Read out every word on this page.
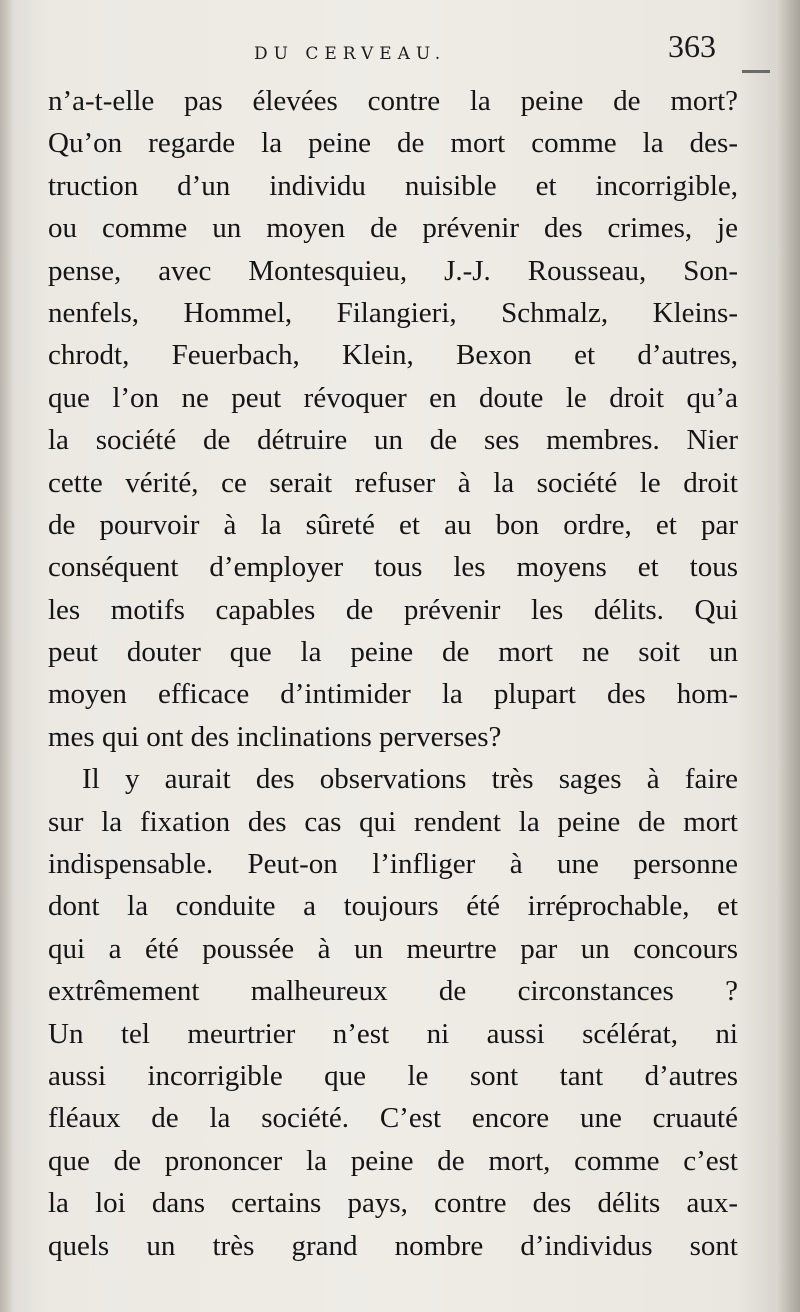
DU CERVEAU.	363
n’a-t-elle pas élevées contre la peine de mort?
Qu’on regarde la peine de mort comme la des-
truction d’un individu nuisible et incorrigible,
ou comme un moyen de prévenir des crimes, je
pense, avec Montesquieu, J.-J. Rousseau, Son-
nenfels, Hommel, Filangieri, Schmalz, Kleins-
chrodt, Feuerbach, Klein, Bexon et d’autres,
que l’on ne peut révoquer en doute le droit qu’a
la société de détruire un de ses membres. Nier
cette vérité, ce serait refuser à la société le droit
de pourvoir à la sûreté et au bon ordre, et par
conséquent d’employer tous les moyens et tous
les motifs capables de prévenir les délits. Qui
peut douter que la peine de mort ne soit un
moyen efficace d’intimider la plupart des hom-
mes qui ont des inclinations perverses?
Il y aurait des observations très sages à faire
sur la fixation des cas qui rendent la peine de mort
indispensable. Peut-on l’infliger à une personne
dont la conduite a toujours été irréprochable, et
qui a été poussée à un meurtre par un concours
extrêmement malheureux de circonstances ?
Un tel meurtrier n’est ni aussi scélérat, ni
aussi incorrigible que le sont tant d’autres
fléaux de la société. C’est encore une cruauté
que de prononcer la peine de mort, comme c’est
la loi dans certains pays, contre des délits aux-
quels un très grand nombre d’individus sont
